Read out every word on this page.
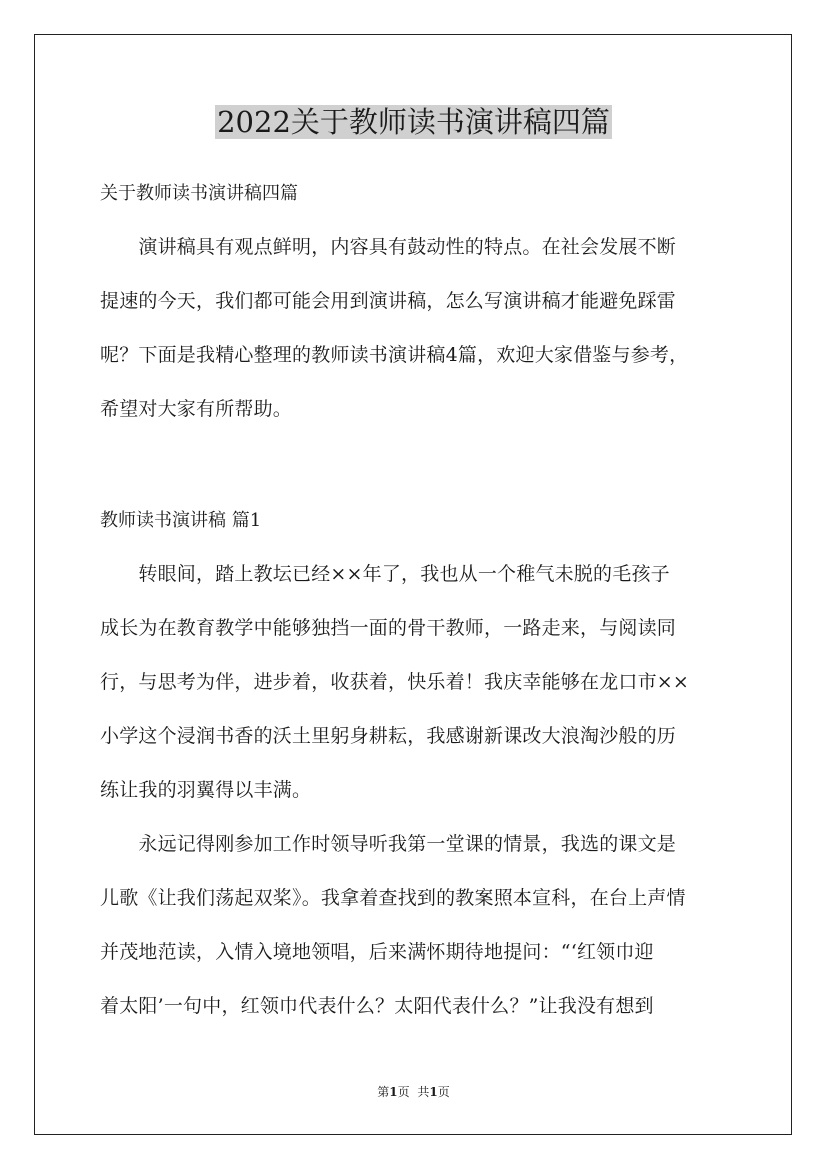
2022关于教师读书演讲稿四篇
关于教师读书演讲稿四篇
　　演讲稿具有观点鲜明，内容具有鼓动性的特点。在社会发展不断
提速的今天，我们都可能会用到演讲稿，怎么写演讲稿才能避免踩雷
呢？下面是我精心整理的教师读书演讲稿4篇，欢迎大家借鉴与参考，
希望对大家有所帮助。
教师读书演讲稿 篇1
　　转眼间，踏上教坛已经××年了，我也从一个稚气未脱的毛孩子
成长为在教育教学中能够独挡一面的骨干教师，一路走来，与阅读同
行，与思考为伴，进步着，收获着，快乐着！我庆幸能够在龙口市××
小学这个浸润书香的沃土里躬身耕耘，我感谢新课改大浪淘沙般的历
练让我的羽翼得以丰满。
　　永远记得刚参加工作时领导听我第一堂课的情景，我选的课文是
儿歌《让我们荡起双桨》。我拿着查找到的教案照本宣科，在台上声情
并茂地范读，入情入境地领唱，后来满怀期待地提问：“‘红领巾迎
着太阳’一句中，红领巾代表什么？太阳代表什么？”让我没有想到
第1页 共1页
